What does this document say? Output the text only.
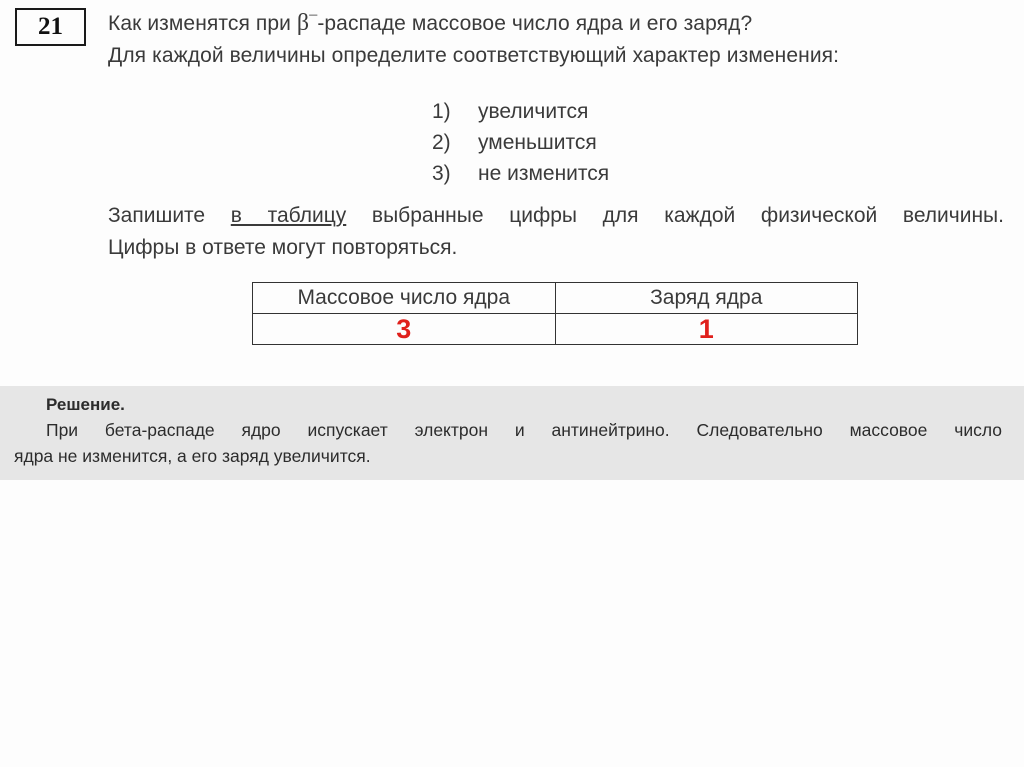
21	Как изменятся при β–-распаде массовое число ядра и его заряд?
Для каждой величины определите соответствующий характер изменения:
1) увеличится
2) уменьшится
3) не изменится
Запишите в таблицу выбранные цифры для каждой физической величины.
Цифры в ответе могут повторяться.
Массовое число ядра	Заряд ядра
3	1
Решение.
При бета-распаде ядро испускает электрон и антинейтрино. Следовательно массовое число
ядра не изменится, а его заряд увеличится.
